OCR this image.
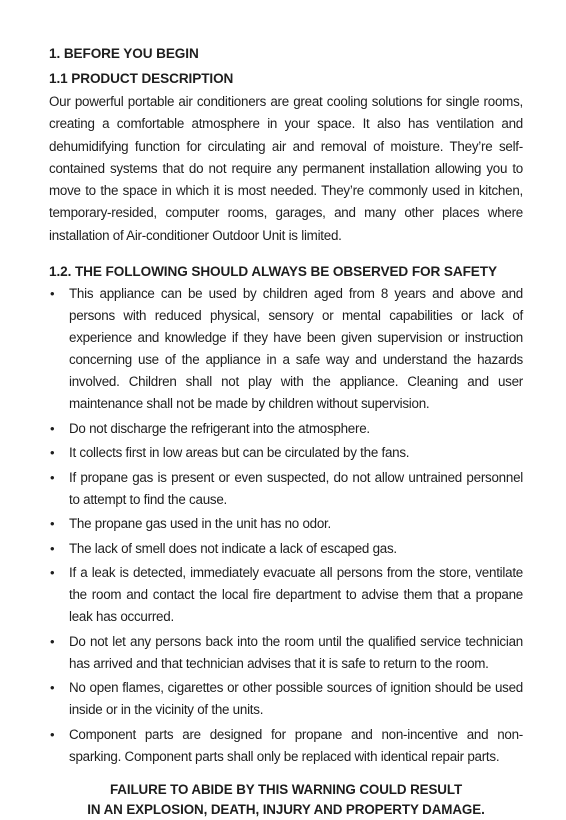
1. BEFORE YOU BEGIN
1.1 PRODUCT DESCRIPTION

Our powerful portable air conditioners are great cooling solutions for single rooms, creating a comfortable atmosphere in your space. It also has ventilation and dehumidifying function for circulating air and removal of moisture. They’re self-contained systems that do not require any permanent installation allowing you to move to the space in which it is most needed. They’re commonly used in kitchen, temporary-resided, computer rooms, garages, and many other places where installation of Air-conditioner Outdoor Unit is limited.

1.2. THE FOLLOWING SHOULD ALWAYS BE OBSERVED FOR SAFETY
• This appliance can be used by children aged from 8 years and above and persons with reduced physical, sensory or mental capabilities or lack of experience and knowledge if they have been given supervision or instruction concerning use of the appliance in a safe way and understand the hazards involved. Children shall not play with the appliance. Cleaning and user maintenance shall not be made by children without supervision.
• Do not discharge the refrigerant into the atmosphere.
• It collects first in low areas but can be circulated by the fans.
• If propane gas is present or even suspected, do not allow untrained personnel to attempt to find the cause.
• The propane gas used in the unit has no odor.
• The lack of smell does not indicate a lack of escaped gas.
• If a leak is detected, immediately evacuate all persons from the store, ventilate the room and contact the local fire department to advise them that a propane leak has occurred.
• Do not let any persons back into the room until the qualified service technician has arrived and that technician advises that it is safe to return to the room.
• No open flames, cigarettes or other possible sources of ignition should be used inside or in the vicinity of the units.
• Component parts are designed for propane and non-incentive and non-sparking. Component parts shall only be replaced with identical repair parts.
FAILURE TO ABIDE BY THIS WARNING COULD RESULT
IN AN EXPLOSION, DEATH, INJURY AND PROPERTY DAMAGE.
